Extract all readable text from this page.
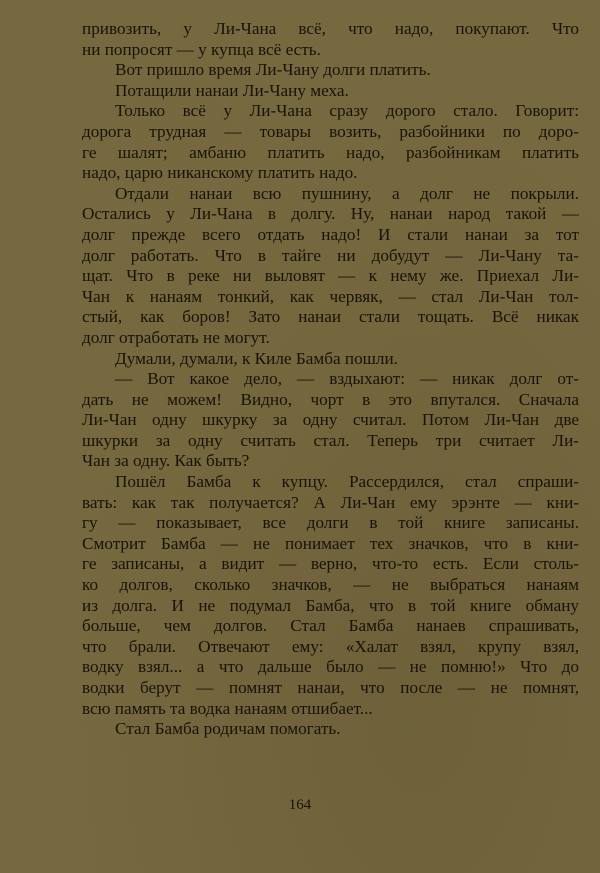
привозить, у Ли-Чана всё, что надо, покупают. Что
ни попросят — у купца всё есть.
Вот пришло время Ли-Чану долги платить.
Потащили нанаи Ли-Чану меха.
Только всё у Ли-Чана сразу дорого стало. Говорит:
дорога трудная — товары возить, разбойники по доро-
ге шалят; амбаню платить надо, разбойникам платить
надо, царю никанскому платить надо.
Отдали нанаи всю пушнину, а долг не покрыли.
Остались у Ли-Чана в долгу. Ну, нанаи народ такой —
долг прежде всего отдать надо! И стали нанаи за тот
долг работать. Что в тайге ни добудут — Ли-Чану та-
щат. Что в реке ни выловят — к нему же. Приехал Ли-
Чан к нанаям тонкий, как червяк, — стал Ли-Чан тол-
стый, как боров! Зато нанаи стали тощать. Всё никак
долг отработать не могут.
Думали, думали, к Киле Бамба пошли.
— Вот какое дело, — вздыхают: — никак долг от-
дать не можем! Видно, чорт в это впутался. Сначала
Ли-Чан одну шкурку за одну считал. Потом Ли-Чан две
шкурки за одну считать стал. Теперь три считает Ли-
Чан за одну. Как быть?
Пошёл Бамба к купцу. Рассердился, стал спраши-
вать: как так получается? А Ли-Чан ему эрэнте — кни-
гу — показывает, все долги в той книге записаны.
Смотрит Бамба — не понимает тех значков, что в кни-
ге записаны, а видит — верно, что-то есть. Если столь-
ко долгов, сколько значков, — не выбраться нанаям
из долга. И не подумал Бамба, что в той книге обману
больше, чем долгов. Стал Бамба нанаев спрашивать,
что брали. Отвечают ему: «Халат взял, крупу взял,
водку взял... а что дальше было — не помню!» Что до
водки берут — помнят нанаи, что после — не помнят,
всю память та водка нанаям отшибает...
Стал Бамба родичам помогать.
164
